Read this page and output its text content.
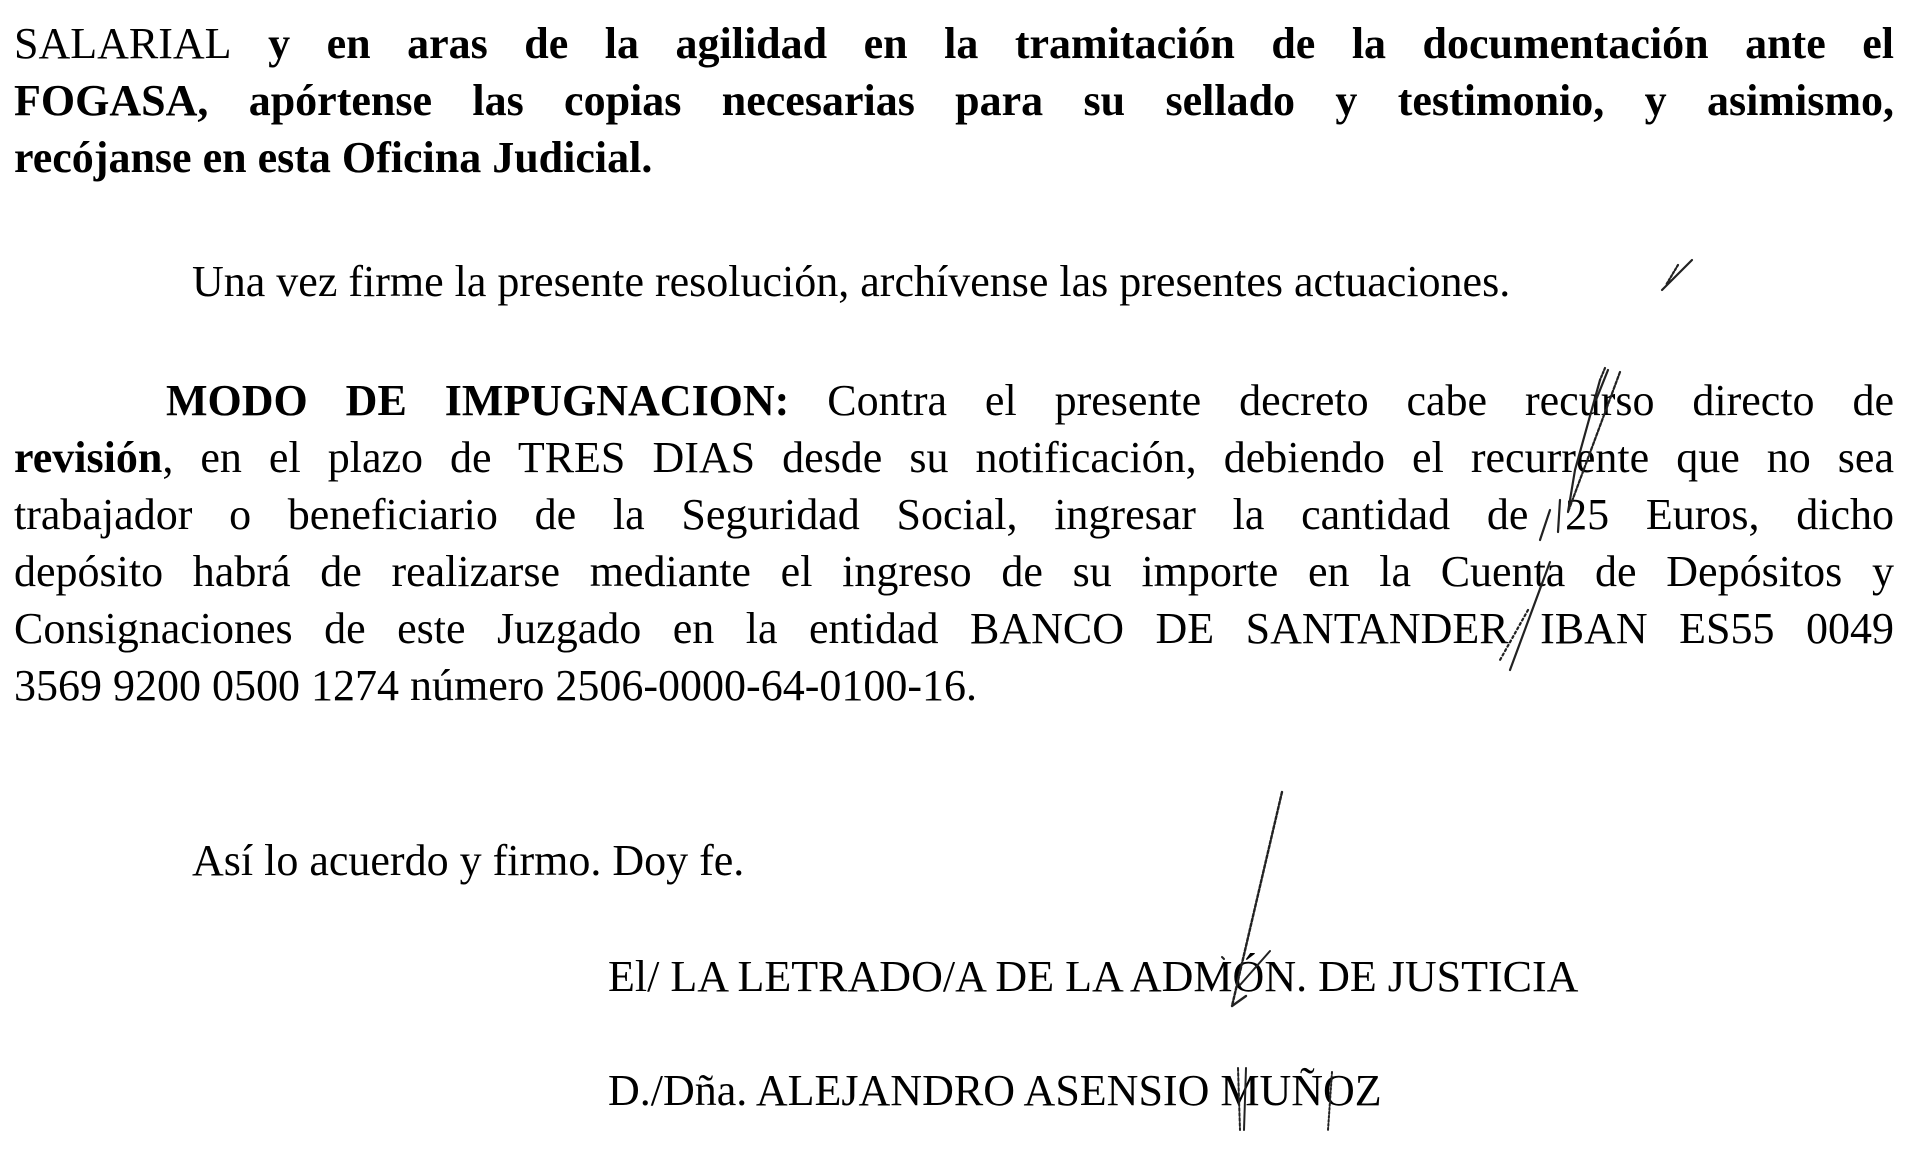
SALARIAL y en aras de la agilidad en la tramitación de la documentación ante el
FOGASA, apórtense las copias necesarias para su sellado y testimonio, y asimismo,
recójanse en esta Oficina Judicial.

Una vez firme la presente resolución, archívense las presentes actuaciones.

MODO DE IMPUGNACION: Contra el presente decreto cabe recurso directo de
revisión, en el plazo de TRES DIAS desde su notificación, debiendo el recurrente que no sea
trabajador o beneficiario de la Seguridad Social, ingresar la cantidad de 25 Euros, dicho
depósito habrá de realizarse mediante el ingreso de su importe en la Cuenta de Depósitos y
Consignaciones de este Juzgado en la entidad BANCO DE SANTANDER IBAN ES55 0049
3569 9200 0500 1274 número 2506-0000-64-0100-16.

Así lo acuerdo y firmo. Doy fe.

El/ LA LETRADO/A DE LA ADMÓN. DE JUSTICIA

D./Dña. ALEJANDRO ASENSIO MUÑOZ
